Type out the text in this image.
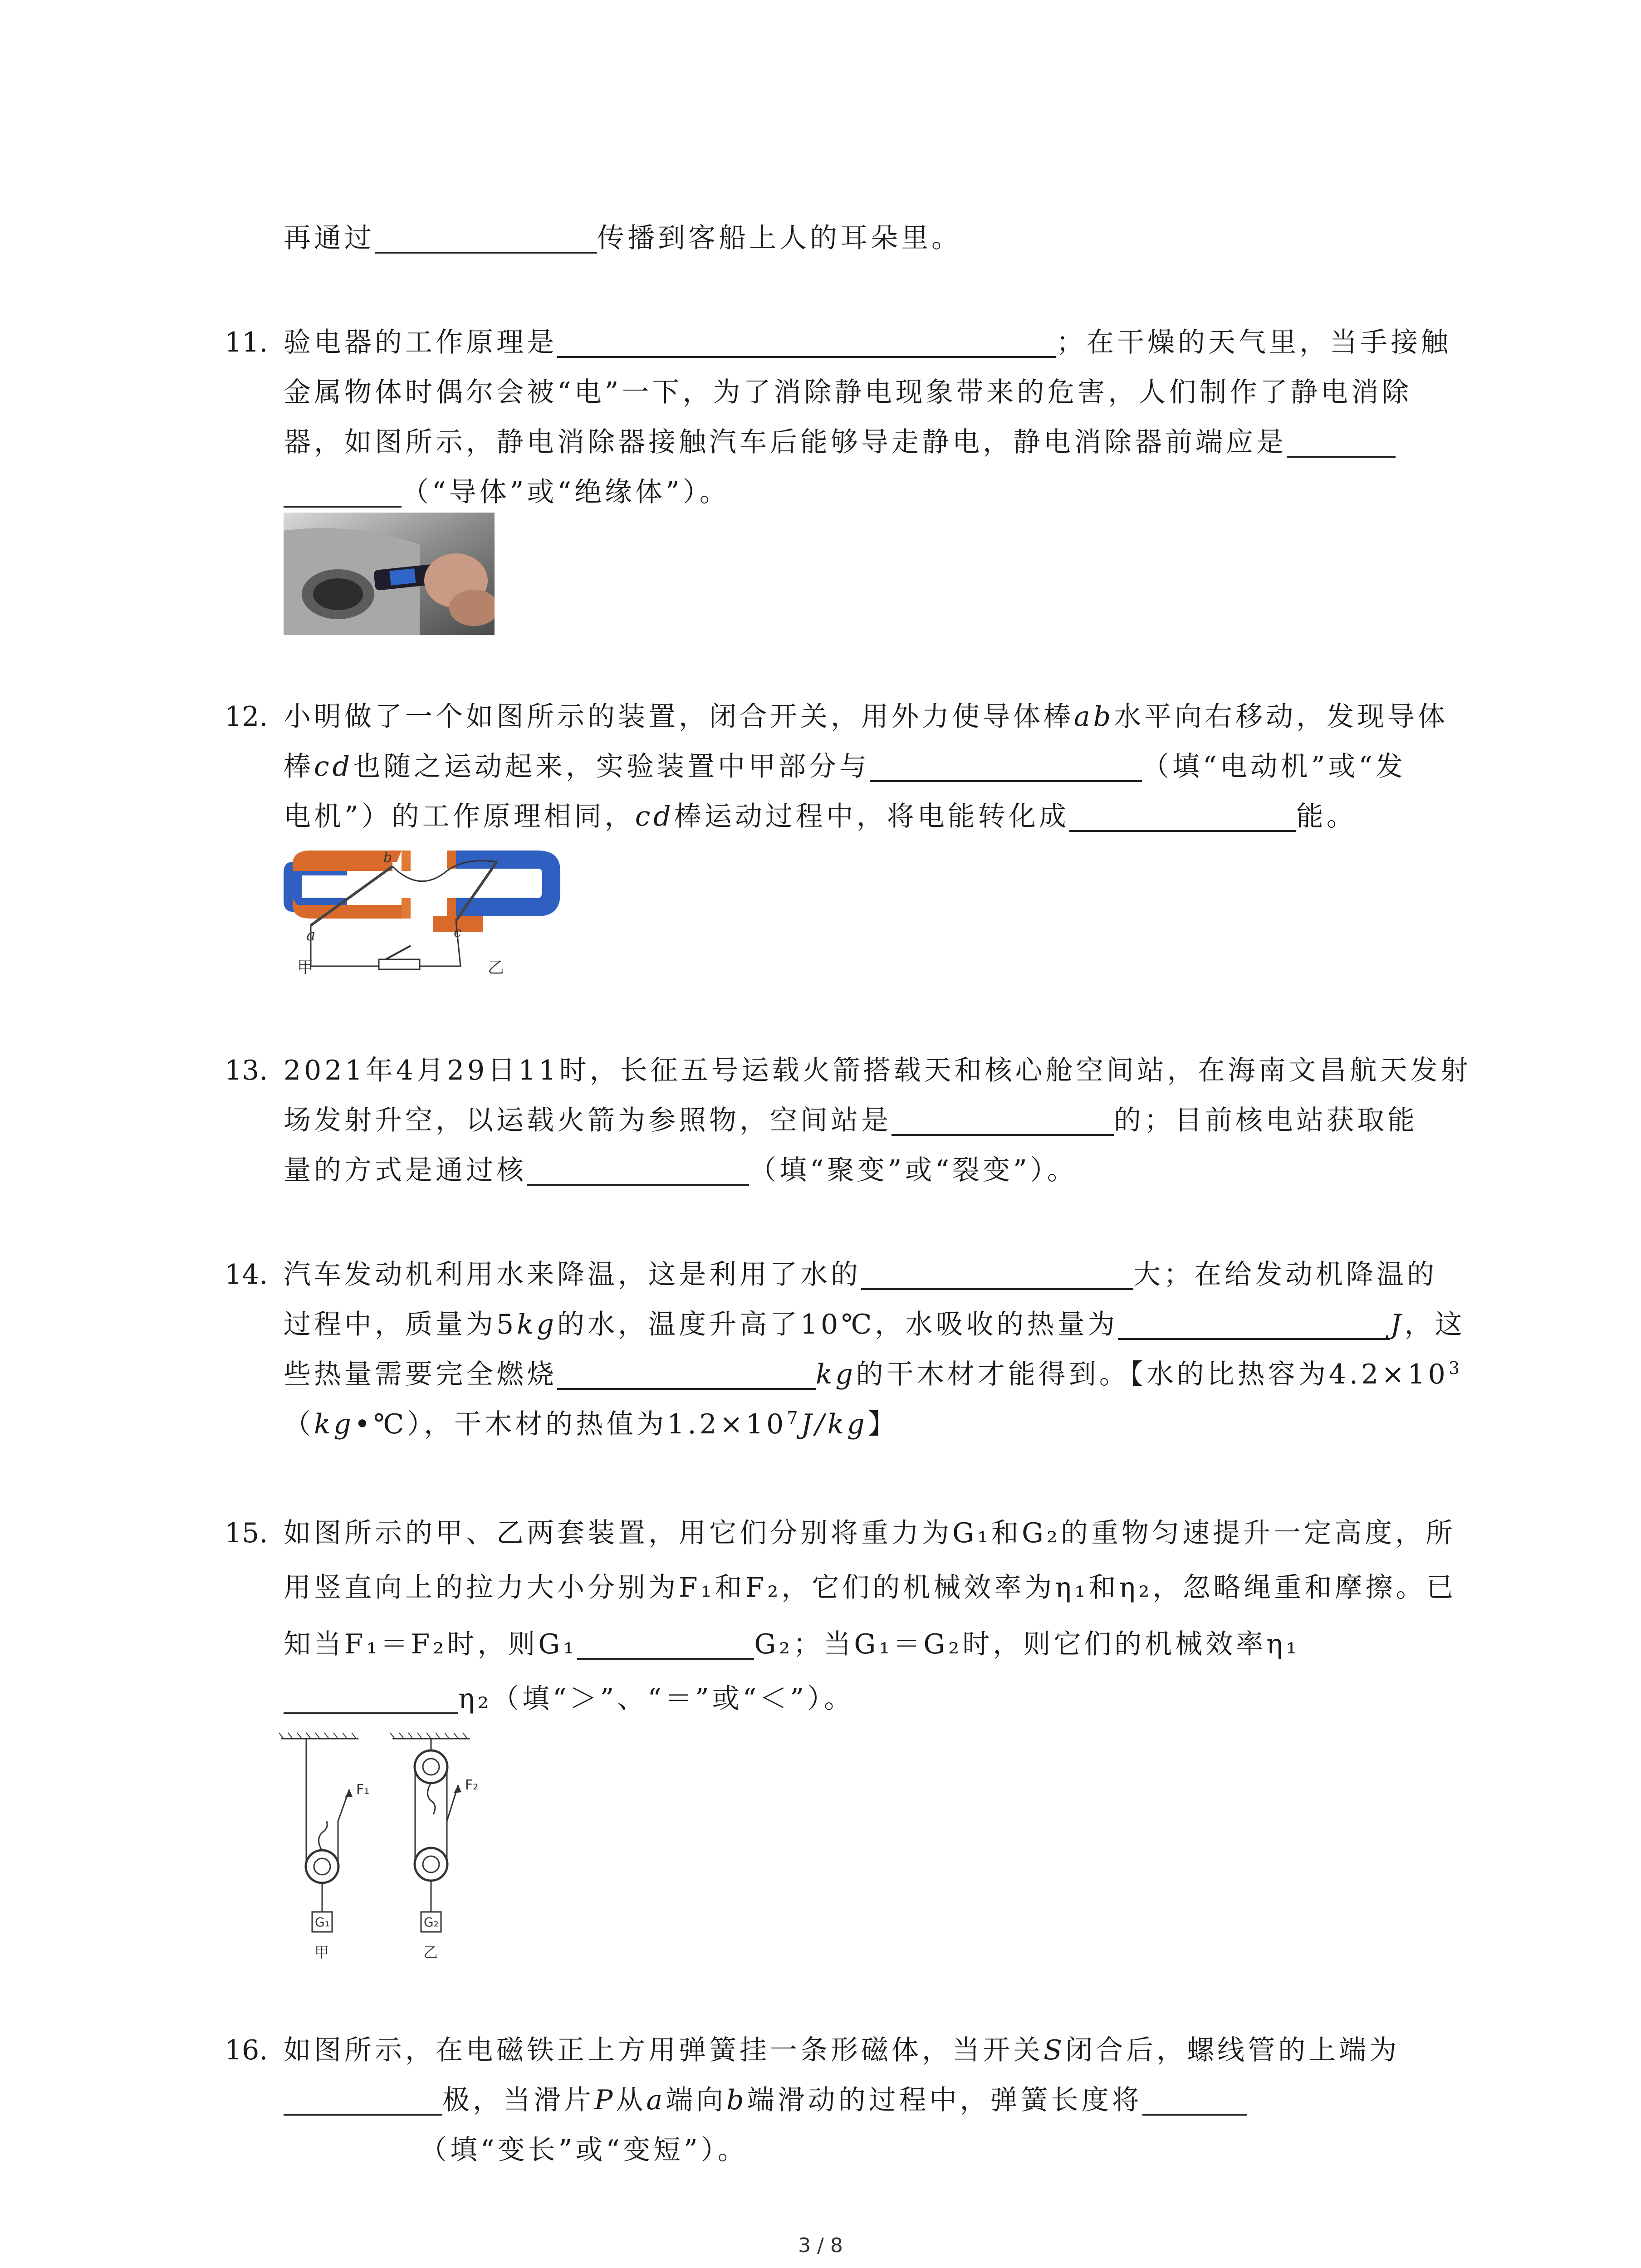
再通过	传播到客船上人的耳朵里。
11. 验电器的工作原理是	；在干燥的天气里，当手接触
金属物体时偶尔会被“电”一下，为了消除静电现象带来的危害，人们制作了静电消除
器，如图所示，静电消除器接触汽车后能够导走静电，静电消除器前端应是
（“导体”或“绝缘体”）。
12. 小明做了一个如图所示的装置，闭合开关，用外力使导体棒ab水平向右移动，发现导体
棒cd也随之运动起来，实验装置中甲部分与	（填“电动机”或“发
电机”）的工作原理相同，cd棒运动过程中，将电能转化成	能。
a
b
c
甲	乙
13. 2021年4月29日11时，长征五号运载火箭搭载天和核心舱空间站，在海南文昌航天发射
场发射升空，以运载火箭为参照物，空间站是	的；目前核电站获取能
量的方式是通过核	（填“聚变”或“裂变”）。
14. 汽车发动机利用水来降温，这是利用了水的	大；在给发动机降温的
过程中，质量为5kg的水，温度升高了10℃，水吸收的热量为	J，这
些热量需要完全燃烧	kg的干木材才能得到。【水的比热容为$4.2\times 10^3$
（kg•℃），干木材的热值为$1.2\times 10^7J/kg$】
15. 如图所示的甲、乙两套装置，用它们分别将重力为G₁和G₂的重物匀速提升一定高度，所
用竖直向上的拉力大小分别为F₁和F₂，它们的机械效率为η₁和η₂，忽略绳重和摩擦。已
知当F₁＝F₂时，则G₁	G₂；当G₁＝G₂时，则它们的机械效率η₁
η₂（填“＞”、“＝”或“＜”）。
F₁	F₂
G₁	G₂
甲	乙
16. 如图所示，在电磁铁正上方用弹簧挂一条形磁体，当开关S闭合后，螺线管的上端为
极，当滑片P从a端向b端滑动的过程中，弹簧长度将
（填“变长”或“变短”）。
3 / 8
